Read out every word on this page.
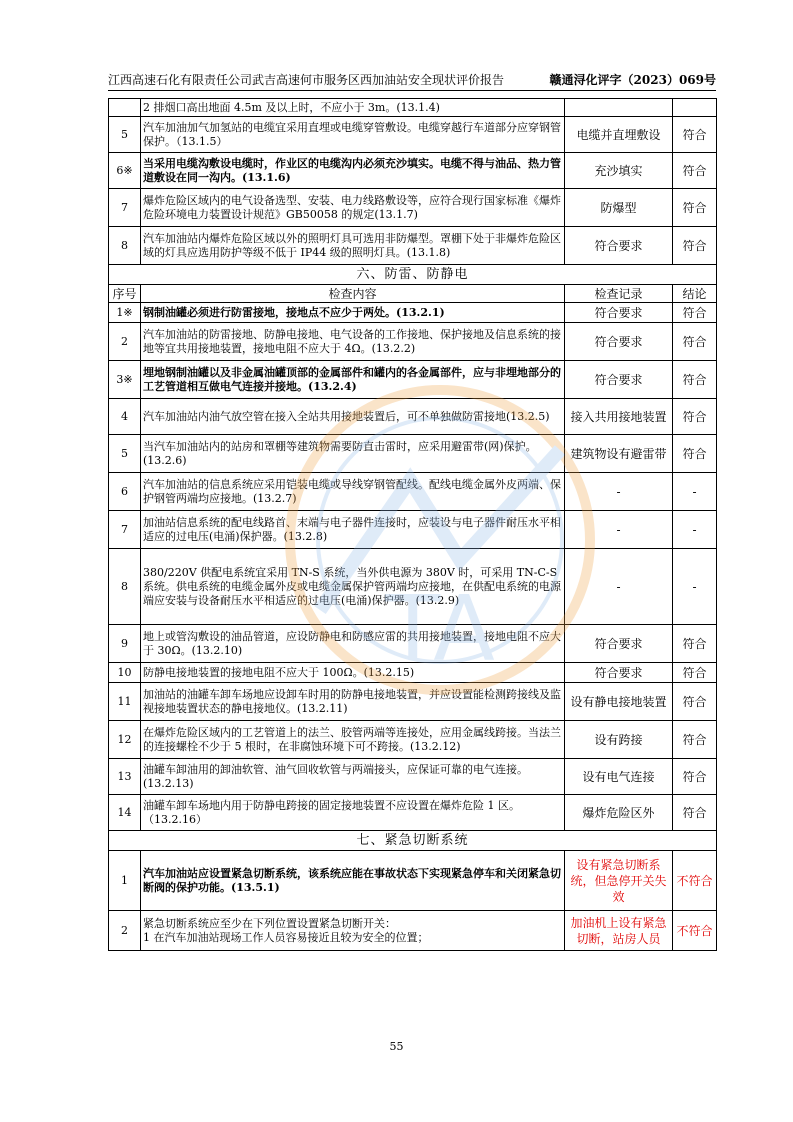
江西高速石化有限责任公司武吉高速何市服务区西加油站安全现状评价报告	赣通浔化评字（2023）069号
	2 排烟口高出地面 4.5m 及以上时，不应小于 3m。(13.1.4)		
5	汽车加油加气加氢站的电缆宜采用直埋或电缆穿管敷设。电缆穿越行车道部分应穿钢管保护。（13.1.5）	电缆并直埋敷设	符合
6※	当采用电缆沟敷设电缆时，作业区的电缆沟内必须充沙填实。电缆不得与油品、热力管道敷设在同一沟内。(13.1.6)	充沙填实	符合
7	爆炸危险区域内的电气设备选型、安装、电力线路敷设等，应符合现行国家标准《爆炸危险环境电力装置设计规范》GB50058 的规定(13.1.7)	防爆型	符合
8	汽车加油站内爆炸危险区域以外的照明灯具可选用非防爆型。罩棚下处于非爆炸危险区域的灯具应选用防护等级不低于 IP44 级的照明灯具。(13.1.8)	符合要求	符合
六、防雷、防静电			
序号	检查内容	检查记录	结论
1※	钢制油罐必须进行防雷接地，接地点不应少于两处。(13.2.1)	符合要求	符合
2	汽车加油站的防雷接地、防静电接地、电气设备的工作接地、保护接地及信息系统的接地等宜共用接地装置，接地电阻不应大于 4Ω。(13.2.2)	符合要求	符合
3※	埋地钢制油罐以及非金属油罐顶部的金属部件和罐内的各金属部件，应与非埋地部分的工艺管道相互做电气连接并接地。(13.2.4)	符合要求	符合
4	汽车加油站内油气放空管在接入全站共用接地装置后，可不单独做防雷接地(13.2.5)	接入共用接地装置	符合
5	当汽车加油站内的站房和罩棚等建筑物需要防直击雷时，应采用避雷带(网)保护。(13.2.6)	建筑物设有避雷带	符合
6	汽车加油站的信息系统应采用铠装电缆或导线穿钢管配线。配线电缆金属外皮两端、保护钢管两端均应接地。(13.2.7)	-	-
7	加油站信息系统的配电线路首、末端与电子器件连接时，应装设与电子器件耐压水平相适应的过电压(电涌)保护器。(13.2.8)	-	-
8	380/220V 供配电系统宜采用 TN-S 系统，当外供电源为 380V 时，可采用 TN-C-S 系统。供电系统的电缆金属外皮或电缆金属保护管两端均应接地，在供配电系统的电源端应安装与设备耐压水平相适应的过电压(电涌)保护器。(13.2.9)	-	-
9	地上或管沟敷设的油品管道，应设防静电和防感应雷的共用接地装置，接地电阻不应大于 30Ω。(13.2.10)	符合要求	符合
10	防静电接地装置的接地电阻不应大于 100Ω。(13.2.15)	符合要求	符合
11	加油站的油罐车卸车场地应设卸车时用的防静电接地装置，并应设置能检测跨接线及监视接地装置状态的静电接地仪。(13.2.11)	设有静电接地装置	符合
12	在爆炸危险区域内的工艺管道上的法兰、胶管两端等连接处，应用金属线跨接。当法兰的连接螺栓不少于 5 根时，在非腐蚀环境下可不跨接。(13.2.12)	设有跨接	符合
13	油罐车卸油用的卸油软管、油气回收软管与两端接头，应保证可靠的电气连接。(13.2.13)	设有电气连接	符合
14	油罐车卸车场地内用于防静电跨接的固定接地装置不应设置在爆炸危险 1 区。（13.2.16）	爆炸危险区外	符合
七、紧急切断系统			
1	汽车加油站应设置紧急切断系统，该系统应能在事故状态下实现紧急停车和关闭紧急切断阀的保护功能。(13.5.1)	设有紧急切断系统，但急停开关失效	不符合
2	紧急切断系统应至少在下列位置设置紧急切断开关：
1 在汽车加油站现场工作人员容易接近且较为安全的位置；	加油机上设有紧急切断，站房人员	不符合
TA
55
